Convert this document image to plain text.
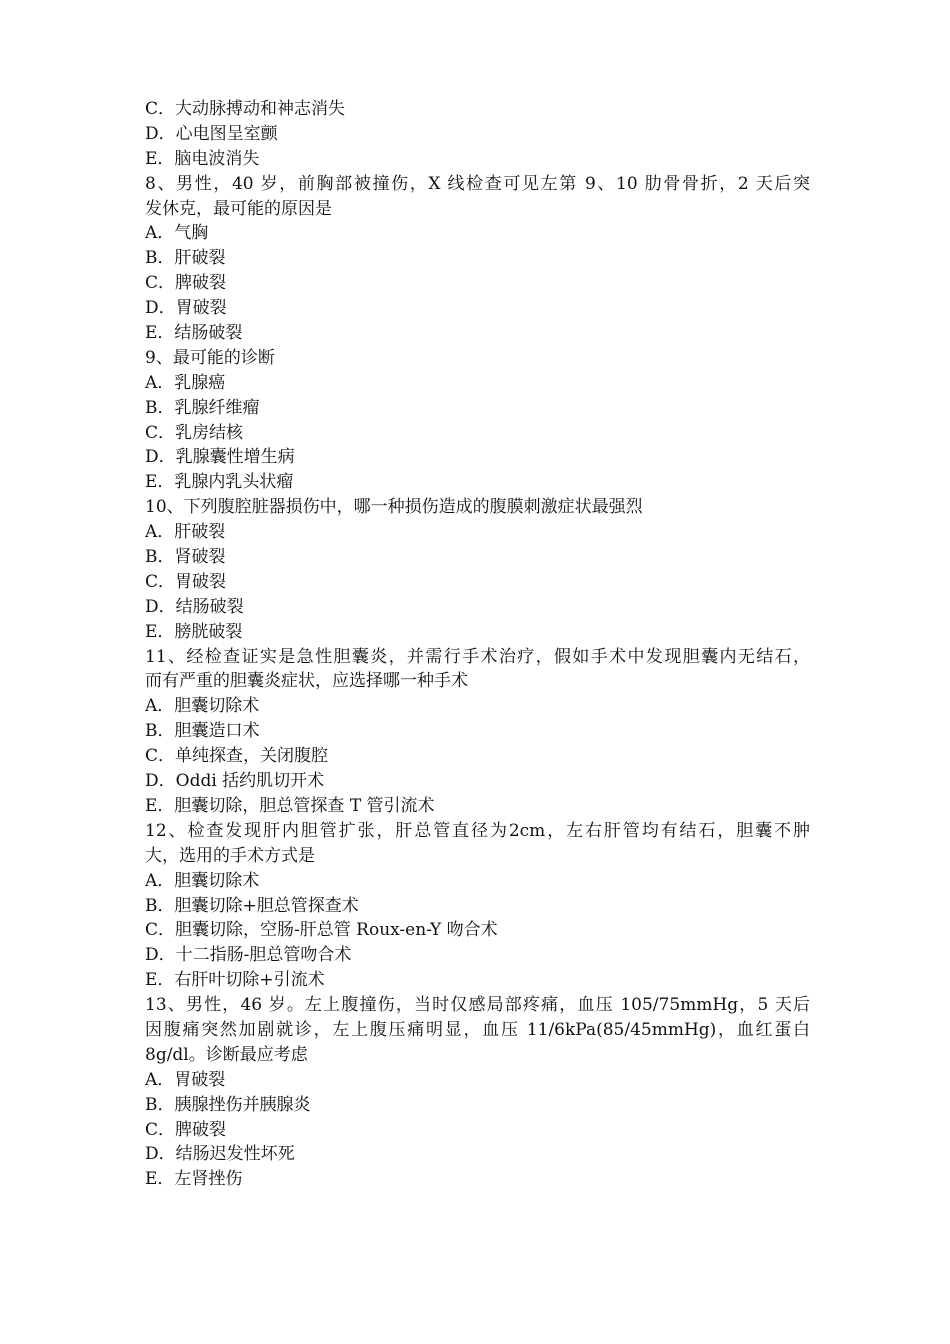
C．大动脉搏动和神志消失
D．心电图呈室颤
E．脑电波消失
8、男性，40 岁，前胸部被撞伤，X 线检查可见左第 9、10 肋骨骨折，2 天后突
发休克，最可能的原因是
A．气胸
B．肝破裂
C．脾破裂
D．胃破裂
E．结肠破裂
9、最可能的诊断
A．乳腺癌
B．乳腺纤维瘤
C．乳房结核
D．乳腺囊性增生病
E．乳腺内乳头状瘤
10、下列腹腔脏器损伤中，哪一种损伤造成的腹膜刺激症状最强烈
A．肝破裂
B．肾破裂
C．胃破裂
D．结肠破裂
E．膀胱破裂
11、经检查证实是急性胆囊炎，并需行手术治疗，假如手术中发现胆囊内无结石，
而有严重的胆囊炎症状，应选择哪一种手术
A．胆囊切除术
B．胆囊造口术
C．单纯探查，关闭腹腔
D．Oddi 括约肌切开术
E．胆囊切除，胆总管探查 T 管引流术
12、检查发现肝内胆管扩张，肝总管直径为2cm，左右肝管均有结石，胆囊不肿
大，选用的手术方式是
A．胆囊切除术
B．胆囊切除+胆总管探查术
C．胆囊切除，空肠-肝总管 Roux-en-Y 吻合术
D．十二指肠-胆总管吻合术
E．右肝叶切除+引流术
13、男性，46 岁。左上腹撞伤，当时仅感局部疼痛，血压 105/75mmHg，5 天后
因腹痛突然加剧就诊，左上腹压痛明显，血压 11/6kPa(85/45mmHg)，血红蛋白
8g/dl。诊断最应考虑
A．胃破裂
B．胰腺挫伤并胰腺炎
C．脾破裂
D．结肠迟发性坏死
E．左肾挫伤
